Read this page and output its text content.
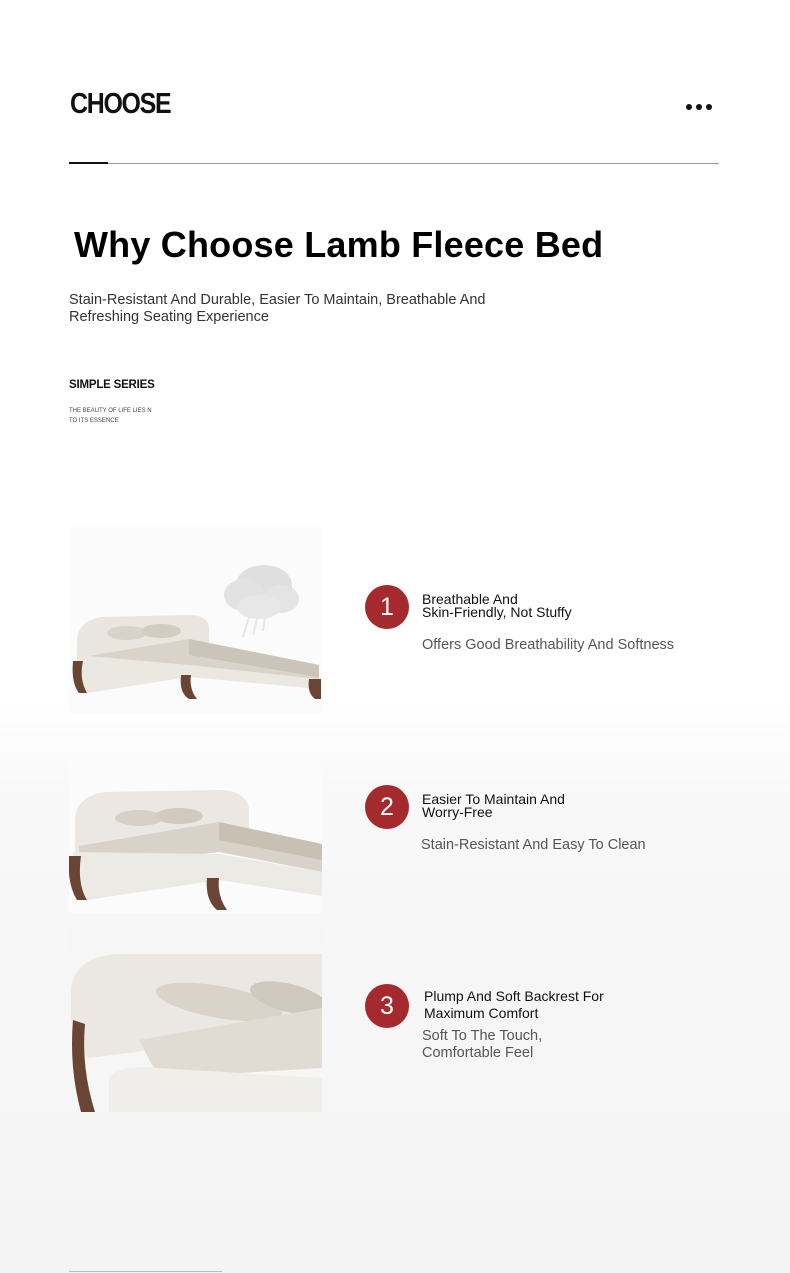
CHOOSE
Why Choose Lamb Fleece Bed

Stain-Resistant And Durable, Easier To Maintain, Breathable And Refreshing Seating Experience

SIMPLE SERIES
THE BEAUTY OF LIFE LIES N
TO ITS ESSENCE
1	Breathable And
Skin-Friendly, Not Stuffy
Offers Good Breathability And Softness
2	Easier To Maintain And
Worry-Free
Stain-Resistant And Easy To Clean
3	Plump And Soft Backrest For
Maximum Comfort
Soft To The Touch,
Comfortable Feel
